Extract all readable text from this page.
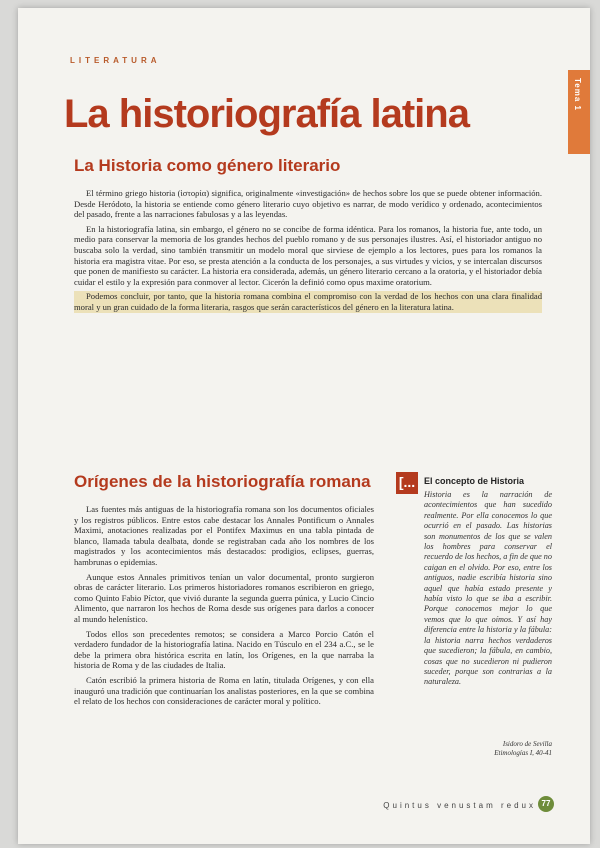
Tema 1
LITERATURA
La historiografía latina
La Historia como género literario

El término griego historia (ἱστορία) significa, originalmente «investigación» de hechos sobre los que se puede obtener información. Desde Heródoto, la historia se entiende como género literario cuyo objetivo es narrar, de modo verídico y ordenado, acontecimientos del pasado, frente a las narraciones fabulosas y a las leyendas.

En la historiografía latina, sin embargo, el género no se concibe de forma idéntica. Para los romanos, la historia fue, ante todo, un medio para conservar la memoria de los grandes hechos del pueblo romano y de sus personajes ilustres. Así, el historiador antiguo no buscaba solo la verdad, sino también transmitir un modelo moral que sirviese de ejemplo a los lectores, pues para los romanos la historia era magistra vitae. Por eso, se presta atención a la conducta de los personajes, a sus virtudes y vicios, y se intercalan discursos que ponen de manifiesto su carácter. La historia era considerada, además, un género literario cercano a la oratoria, y el historiador debía cuidar el estilo y la expresión para conmover al lector. Cicerón la definió como opus maxime oratorium.

Podemos concluir, por tanto, que la historia romana combina el compromiso con la verdad de los hechos con una clara finalidad moral y un gran cuidado de la forma literaria, rasgos que serán característicos del género en la literatura latina.

Orígenes de la historiografía romana

Las fuentes más antiguas de la historiografía romana son los documentos oficiales y los registros públicos. Entre estos cabe destacar los Annales Pontificum o Annales Maximi, anotaciones realizadas por el Pontifex Maximus en una tabla pintada de blanco, llamada tabula dealbata, donde se registraban cada año los nombres de los magistrados y los acontecimientos más destacados: prodigios, eclipses, guerras, hambrunas o epidemias.

Aunque estos Annales primitivos tenían un valor documental, pronto surgieron obras de carácter literario. Los primeros historiadores romanos escribieron en griego, como Quinto Fabio Píctor, que vivió durante la segunda guerra púnica, y Lucio Cincio Alimento, que narraron los hechos de Roma desde sus orígenes para darlos a conocer al mundo helenístico.

Todos ellos son precedentes remotos; se considera a Marco Porcio Catón el verdadero fundador de la historiografía latina. Nacido en Túsculo en el 234 a.C., se le debe la primera obra histórica escrita en latín, los Orígenes, en la que narraba la historia de Roma y de las ciudades de Italia.

Catón escribió la primera historia de Roma en latín, titulada Orígenes, y con ella inauguró una tradición que continuarían los analistas posteriores, en la que se combina el relato de los hechos con consideraciones de carácter moral y político.

[... El concepto de Historia

Historia es la narración de acontecimientos que han sucedido realmente. Por ella conocemos lo que ocurrió en el pasado. Las historias son monumentos de los que se valen los hombres para conservar el recuerdo de los hechos, a fin de que no caigan en el olvido. Por eso, entre los antiguos, nadie escribía historia sino aquel que había estado presente y había visto lo que se iba a escribir. Porque conocemos mejor lo que vemos que lo que oímos. Y así hay diferencia entre la historia y la fábula: la historia narra hechos verdaderos que sucedieron; la fábula, en cambio, cosas que no sucedieron ni pudieron suceder, porque son contrarias a la naturaleza.

Isidoro de Sevilla
Etimologías I, 40-41
Quintus venustam redux 77
